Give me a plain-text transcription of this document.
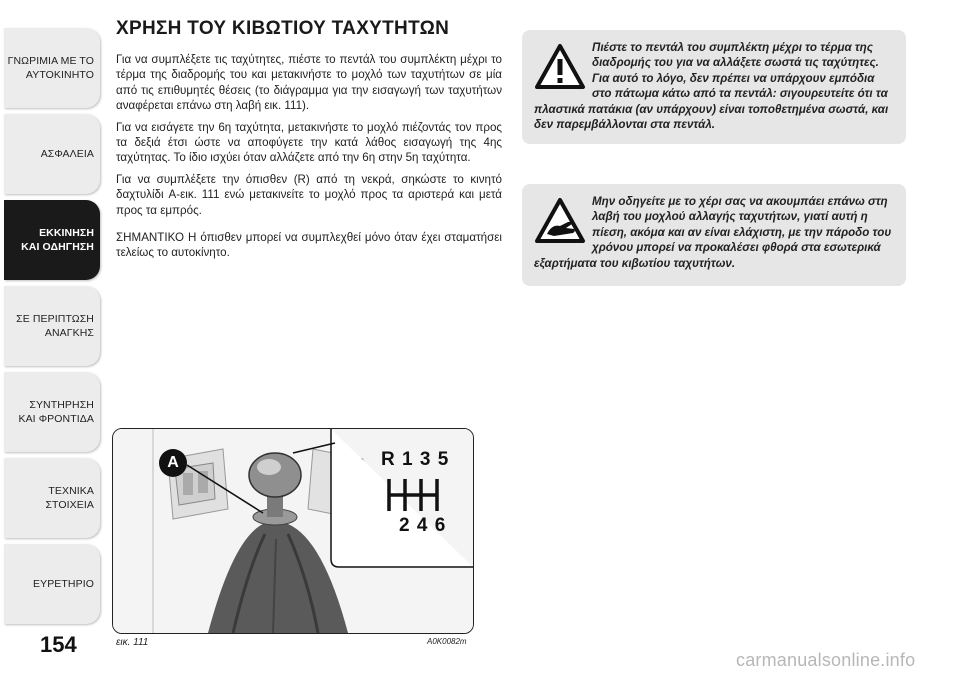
ΓΝΩΡΙΜΙΑ ΜΕ ΤΟ
ΑΥΤΟΚΙΝΗΤΟ
ΑΣΦΑΛΕΙΑ
ΕΚΚΙΝΗΣΗ
ΚΑΙ ΟΔΗΓΗΣΗ
ΣΕ ΠΕΡΙΠΤΩΣΗ
ΑΝΑΓΚΗΣ
ΣΥΝΤΗΡΗΣΗ
ΚΑΙ ΦΡΟΝΤΙΔΑ
ΤΕΧΝΙΚΑ
ΣΤΟΙΧΕΙΑ
ΕΥΡΕΤΗΡΙΟ
154
ΧΡΗΣΗ ΤΟΥ ΚΙΒΩΤΙΟΥ ΤΑΧΥΤΗΤΩΝ

Για να συμπλέξετε τις ταχύτητες, πιέστε το πεντάλ του συμπλέκτη μέχρι το τέρμα της διαδρομής του και μετακινήστε το μοχλό των ταχυτήτων σε μία από τις επιθυμητές θέσεις (το διάγραμμα για την εισαγωγή των ταχυτήτων αναφέρεται επάνω στη λαβή εικ. 111).

Για να εισάγετε την 6η ταχύτητα, μετακινήστε το μοχλό πιέζοντάς τον προς τα δεξιά έτσι ώστε να αποφύγετε την κατά λάθος εισαγωγή της 4ης ταχύτητας. Το ίδιο ισχύει όταν αλλάζετε από την 6η στην 5η ταχύτητα.

Για να συμπλέξετε την όπισθεν (R) από τη νεκρά, σηκώστε το κινητό δαχτυλίδι A-εικ. 111 ενώ μετακινείτε το μοχλό προς τα αριστερά και μετά προς τα εμπρός.

ΣΗΜΑΝΤΙΚΟ Η όπισθεν μπορεί να συμπλεχθεί μόνο όταν έχει σταματήσει τελείως το αυτοκίνητο.

Πιέστε το πεντάλ του συμπλέκτη μέχρι το τέρμα της διαδρομής του για να αλλάξετε σωστά τις ταχύτητες. Για αυτό το λόγο, δεν πρέπει να υπάρχουν εμπόδια στο πάτωμα κάτω από τα πεντάλ: σιγουρευτείτε ότι τα πλαστικά πατάκια (αν υπάρχουν) είναι τοποθετημένα σωστά, και δεν παρεμβάλλονται στα πεντάλ.
Μην οδηγείτε με το χέρι σας να ακουμπάει επάνω στη λαβή του μοχλού αλλαγής ταχυτήτων, γιατί αυτή η πίεση, ακόμα και αν είναι ελάχιστη, με την πάροδο του χρόνου μπορεί να προκαλέσει φθορά στα εσωτερικά εξαρτήματα του κιβωτίου ταχυτήτων.
A	R 1 3 5
2 4 6
εικ. 111	A0K0082m
carmanualsonline.info
